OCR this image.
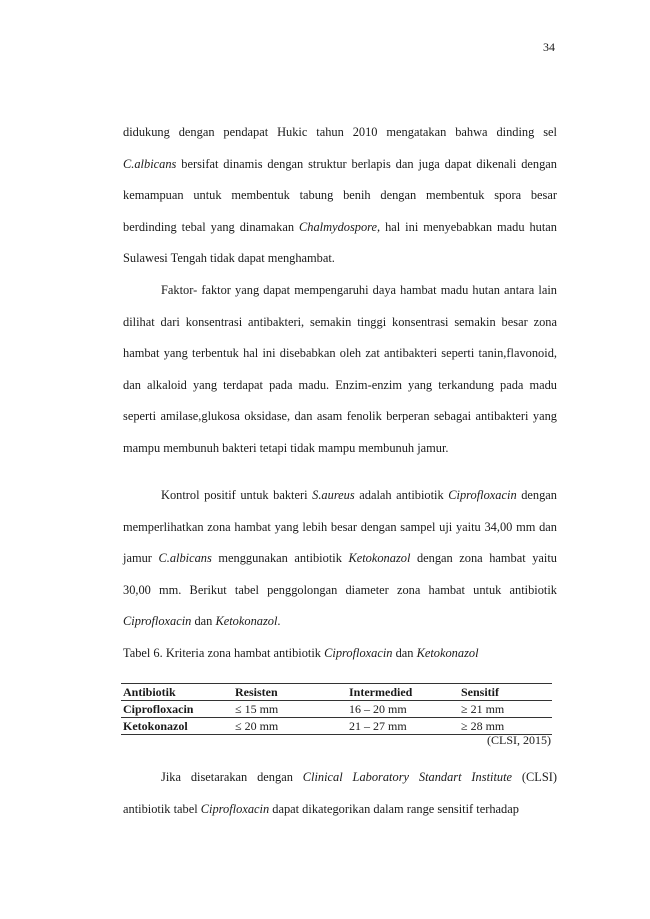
34

didukung dengan pendapat Hukic tahun 2010 mengatakan bahwa dinding sel C.albicans bersifat dinamis dengan struktur berlapis dan juga dapat dikenali dengan kemampuan untuk membentuk tabung benih dengan membentuk spora besar berdinding tebal yang dinamakan Chalmydospore, hal ini menyebabkan madu hutan Sulawesi Tengah tidak dapat menghambat.

Faktor- faktor yang dapat mempengaruhi daya hambat madu hutan antara lain dilihat dari konsentrasi antibakteri, semakin tinggi konsentrasi semakin besar zona hambat yang terbentuk hal ini disebabkan oleh zat antibakteri seperti tanin,flavonoid, dan alkaloid yang terdapat pada madu. Enzim-enzim yang terkandung pada madu seperti amilase,glukosa oksidase, dan asam fenolik berperan sebagai antibakteri yang mampu membunuh bakteri tetapi tidak mampu membunuh jamur.

Kontrol positif untuk bakteri S.aureus adalah antibiotik Ciprofloxacin dengan memperlihatkan zona hambat yang lebih besar dengan sampel uji yaitu 34,00 mm dan jamur C.albicans menggunakan antibiotik Ketokonazol dengan zona hambat yaitu 30,00 mm. Berikut tabel penggolongan diameter zona hambat untuk antibiotik Ciprofloxacin dan Ketokonazol.

Tabel 6. Kriteria zona hambat antibiotik Ciprofloxacin dan Ketokonazol

Antibiotik	Resisten	Intermedied	Sensitif
Ciprofloxacin	≤ 15 mm	16 – 20 mm	≥ 21 mm
Ketokonazol	≤ 20 mm	21 – 27 mm	≥ 28 mm
(CLSI, 2015)

Jika disetarakan dengan Clinical Laboratory Standart Institute (CLSI) antibiotik tabel Ciprofloxacin dapat dikategorikan dalam range sensitif terhadap
